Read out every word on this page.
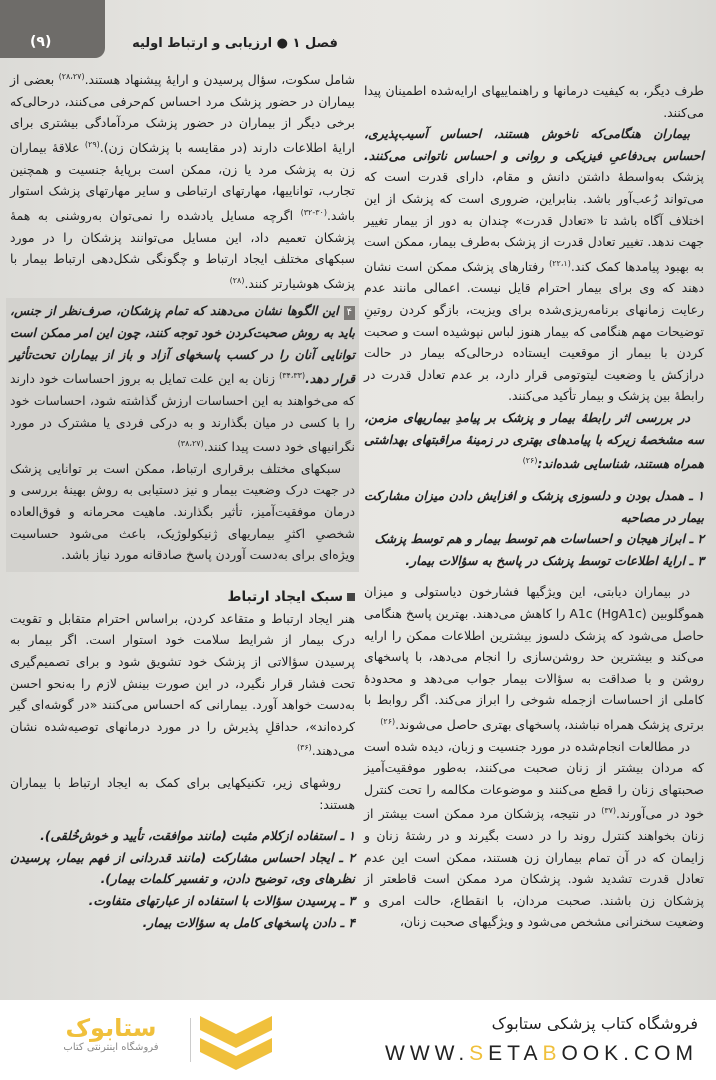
(۹)	فصل ۱ ● ارزیابی و ارتباط اولیه

شامل سکوت، سؤال پرسیدن و ارایهٔ پیشنهاد هستند.$^{(۲۸،۲۷)}$ بعضی از بیماران در حضور پزشک مرد احساس کم‌حرفی می‌کنند، درحالی‌که برخی دیگر از بیماران در حضور پزشک مردآمادگی بیشتری برای ارایهٔ اطلاعات دارند (در مقایسه با پزشکان زن).$^{(۲۹)}$ علاقهٔ بیماران زن به پزشک مرد یا زن، ممکن است برپایهٔ جنسیت و همچنین تجارب، تواناییها، مهارتهای ارتباطی و سایر مهارتهای پزشک استوار باشد.$^{(۳۰-۳۲)}$ اگرچه مسایل یادشده را نمی‌توان به‌روشنی به همهٔ پزشکان تعمیم داد، این مسایل می‌توانند پزشکان را در مورد سبکهای مختلف ایجاد ارتباط و چگونگی شکل‌دهی ارتباط بیمار با پزشک هوشیارتر کنند.$^{(۲۸)}$

۴این الگوها نشان می‌دهند که تمام پزشکان، صرف‌نظر از جنس، باید به روش صحبت‌کردن خود توجه کنند، چون این امر ممکن است توانایی آنان را در کسب پاسخهای آزاد و باز از بیماران تحت‌تأثیر قرار دهد.$^{(۳۴،۳۳)}$ زنان به این علت تمایل به بروز احساسات خود دارند که می‌خواهند به این احساسات ارزش گذاشته شود، احساسات خود را با کسی در میان بگذارند و به درکی فردی یا مشترک در مورد نگرانیهای خود دست پیدا کنند.$^{(۳۸،۲۷)}$

سبکهای مختلف برقراری ارتباط، ممکن است بر توانایی پزشک در جهت درک وضعیت بیمار و نیز دستیابی به روش بهینهٔ بررسی و درمان موفقیت‌آمیز، تأثیر بگذارند. ماهیت محرمانه و فوق‌العاده شخصیِ اکثرِ بیماریهای ژنیکولوژیک، باعث می‌شود حساسیت ویژه‌ای برای به‌دست آوردن پاسخ صادقانه مورد نیاز باشد.

سبک ایجاد ارتباط

هنر ایجاد ارتباط و متقاعد کردن، براساس احترام متقابل و تقویت درک بیمار از شرایط سلامت خود استوار است. اگر بیمار به پرسیدن سؤالاتی از پزشک خود تشویق شود و برای تصمیم‌گیری تحت فشار قرار نگیرد، در این صورت بینش لازم را به‌نحو احسن به‌دست خواهد آورد. بیمارانی که احساس می‌کنند «در گوشه‌ای گیر کرده‌اند»، حداقلِ پذیرش را در مورد درمانهای توصیه‌شده نشان می‌دهند.$^{(۳۶)}$

روشهای زیر، تکنیکهایی برای کمک به ایجاد ارتباط با بیماران هستند:

۱ ـ استفاده ازکلام مثبت (مانند موافقت، تأیید و خوش‌خُلقی).
۲ ـ ایجاد احساس مشارکت (مانند قدردانی از فهم بیمار، پرسیدن نظرهای وی، توضیح دادن، و تفسیر کلمات بیمار).
۳ ـ پرسیدن سؤالات با استفاده از عبارتهای متفاوت.
۴ ـ دادن پاسخهای کامل به سؤالات بیمار.

طرف دیگر، به کیفیت درمانها و راهنماییهای ارایه‌شده اطمینان پیدا می‌کنند.

بیماران هنگامی‌که ناخوش هستند، احساس آسیب‌پذیری، احساس بی‌دفاعیِ فیزیکی و روانی و احساس ناتوانی می‌کنند. پزشک به‌واسطهٔ داشتن دانش و مقام، دارای قدرت است که می‌تواند رُعب‌آور باشد. بنابراین، ضروری است که پزشک از این اختلاف آگاه باشد تا «تعادل قدرت» چندان به دور از بیمار تغییر جهت ندهد. تغییر تعادل قدرت از پزشک به‌طرف بیمار، ممکن است به بهبود پیامدها کمک کند.$^{(۲۲،۱)}$ رفتارهای پزشک ممکن است نشان دهند که وی برای بیمار احترام قایل نیست. اعمالی مانند عدم رعایت زمانهای برنامه‌ریزی‌شده برای ویزیت، بازگو کردن روتینِ توضیحات مهم هنگامی که بیمار هنوز لباس نپوشیده است و صحبت کردن با بیمار از موقعیت ایستاده درحالی‌که بیمار در حالت درازکش یا وضعیت لیتوتومی قرار دارد، بر عدم تعادل قدرت در رابطهٔ بین پزشک و بیمار تأکید می‌کنند.

در بررسی اثر رابطهٔ بیمار و پزشک بر پیامدِ بیماریهای مزمن، سه مشخصهٔ زیرکه با پیامدهای بهتری در زمینهٔ مراقبتهای بهداشتی همراه هستند، شناسایی شده‌اند:$^{(۲۶)}$

۱ ـ همدل بودن و دلسوزی پزشک و افزایش دادن میزان مشارکت بیمار در مصاحبه
۲ ـ ابراز هیجان و احساسات هم توسط بیمار و هم توسط پزشک
۳ ـ ارایهٔ اطلاعات توسط پزشک در پاسخ به سؤالات بیمار.

در بیماران دیابتی، این ویژگیها فشارخون دیاستولی و میزان هموگلوبین A1c (HgA1c) را کاهش می‌دهند. بهترین پاسخ هنگامی حاصل می‌شود که پزشک دلسوز بیشترین اطلاعات ممکن را ارایه می‌کند و بیشترین حد روشن‌سازی را انجام می‌دهد، با پاسخهای روشن و با صداقت به سؤالات بیمار جواب می‌دهد و محدودهٔ کاملی از احساسات ازجمله شوخی را ابراز می‌کند. اگر روابط با برتری پزشک همراه نباشند، پاسخهای بهتری حاصل می‌شوند.$^{(۲۶)}$

در مطالعات انجام‌شده در مورد جنسیت و زبان، دیده شده است که مردان بیشتر از زنان صحبت می‌کنند، به‌طور موفقیت‌آمیز صحبتهای زنان را قطع می‌کنند و موضوعات مکالمه را تحت کنترل خود در می‌آورند.$^{(۳۷)}$ در نتیجه، پزشکان مرد ممکن است بیشتر از زنان بخواهند کنترل روند را در دست بگیرند و در رشتهٔ زنان و زایمان که در آن تمام بیماران زن هستند، ممکن است این عدم تعادل قدرت تشدید شود. پزشکان مرد ممکن است قاطعتر از پزشکان زن باشند. صحبت مردان، با انقطاع، حالت امری و وضعیت سخنرانی مشخص می‌شود و ویژگیهای صحبت زنان،

ستابوک
فروشگاه اینترنتی کتاب
فروشگاه کتاب پزشکی ستابوک
WWW.SETABOOK.COM
